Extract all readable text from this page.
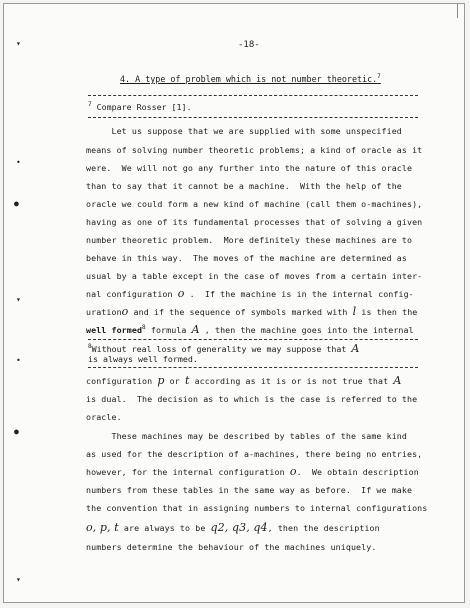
▾
•
●
▾
•
●
▾
-18-
4. A type of problem which is not number theoretic.$^7$
$^7$ Compare Rosser [1].
Let us suppose that we are supplied with some unspecified
means of solving number theoretic problems; a kind of oracle as it
were.  We will not go any further into the nature of this oracle
than to say that it cannot be a machine.  With the help of the
oracle we could form a new kind of machine (call them o-machines),
having as one of its fundamental processes that of solving a given
number theoretic problem.  More definitely these machines are to
behave in this way.  The moves of the machine are determined as
usual by a table except in the case of moves from a certain inter-
nal configuration o .  If the machine is in the internal config-
urationo and if the sequence of symbols marked with l is then the
well formed$^8$ formula A , then the machine goes into the internal
$^8$Without real loss of generality we may suppose that A
is always well formed.
configuration p or t according as it is or is not true that A
is dual.  The decision as to which is the case is referred to the
oracle.
These machines may be described by tables of the same kind
as used for the description of a-machines, there being no entries,
however, for the internal configuration o.  We obtain description
numbers from these tables in the same way as before.  If we make
the convention that in assigning numbers to internal configurations
o, p, t are always to be q2, q3, q4, then the description
numbers determine the behaviour of the machines uniquely.
